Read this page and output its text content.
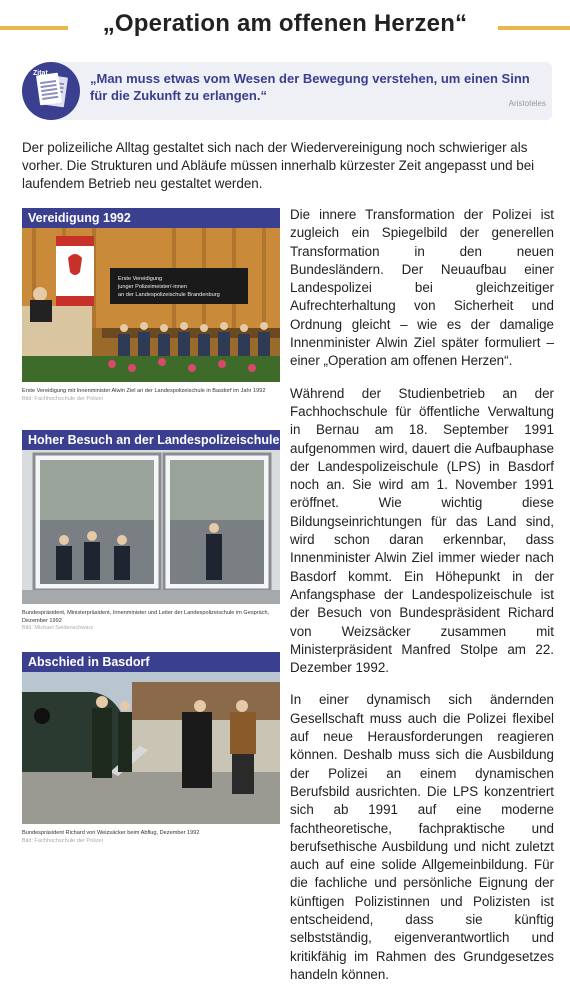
„Operation am offenen Herzen“
Zitat	„Man muss etwas vom Wesen der Bewegung verstehen, um einen Sinn für die Zukunft zu erlangen.“
Aristoteles
Der polizeiliche Alltag gestaltet sich nach der Wiedervereinigung noch schwieriger als vorher. Die Strukturen und Abläufe müssen innerhalb kürzester Zeit angepasst und bei laufendem Betrieb neu gestaltet werden.
Vereidigung 1992
Erste Vereidigung
junger Polizeimeister/-innen
an der Landespolizeischule Brandenburg
Erste Vereidigung mit Innenminister Alwin Ziel an der Landespolizeischule in Basdorf im Jahr 1992
Bild: Fachhochschule der Polizei
Hoher Besuch an der Landespolizeischule
Bundespräsident, Ministerpräsident, Innenminister und Leiter der Landespolizeischule im Gespräch, Dezember 1992
Bild: Michael Seidenschwarz
Abschied in Basdorf
Bundespräsident Richard von Weizsäcker beim Abflug, Dezember 1992
Bild: Fachhochschule der Polizei

Die innere Transformation der Polizei ist zugleich ein Spiegelbild der generellen Transformation in den neuen Bundesländern. Der Neuaufbau einer Landespolizei bei gleichzeitiger Aufrechterhaltung von Sicherheit und Ordnung gleicht – wie es der damalige Innenminister Alwin Ziel später formuliert – einer „Operation am offenen Herzen“.

Während der Studienbetrieb an der Fachhochschule für öffentliche Verwaltung in Bernau am 18. September 1991 aufgenommen wird, dauert die Aufbauphase der Landespolizeischule (LPS) in Basdorf noch an. Sie wird am 1. November 1991 eröffnet. Wie wichtig diese Bildungseinrichtungen für das Land sind, wird schon daran erkennbar, dass Innenminister Alwin Ziel immer wieder nach Basdorf kommt. Ein Höhepunkt in der Anfangsphase der Landespolizeischule ist der Besuch von Bundespräsident Richard von Weizsäcker zusammen mit Ministerpräsident Manfred Stolpe am 22. Dezember 1992.

In einer dynamisch sich ändernden Gesellschaft muss auch die Polizei flexibel auf neue Herausforderungen reagieren können. Deshalb muss sich die Ausbildung der Polizei an einem dynamischen Berufsbild ausrichten. Die LPS konzentriert sich ab 1991 auf eine moderne fachtheoretische, fachpraktische und berufsethische Ausbildung und nicht zuletzt auch auf eine solide Allgemeinbildung. Für die fachliche und persönliche Eignung der künftigen Polizistinnen und Polizisten ist entscheidend, dass sie künftig selbstständig, eigenverantwortlich und kritikfähig im Rahmen des Grundgesetzes handeln können.
